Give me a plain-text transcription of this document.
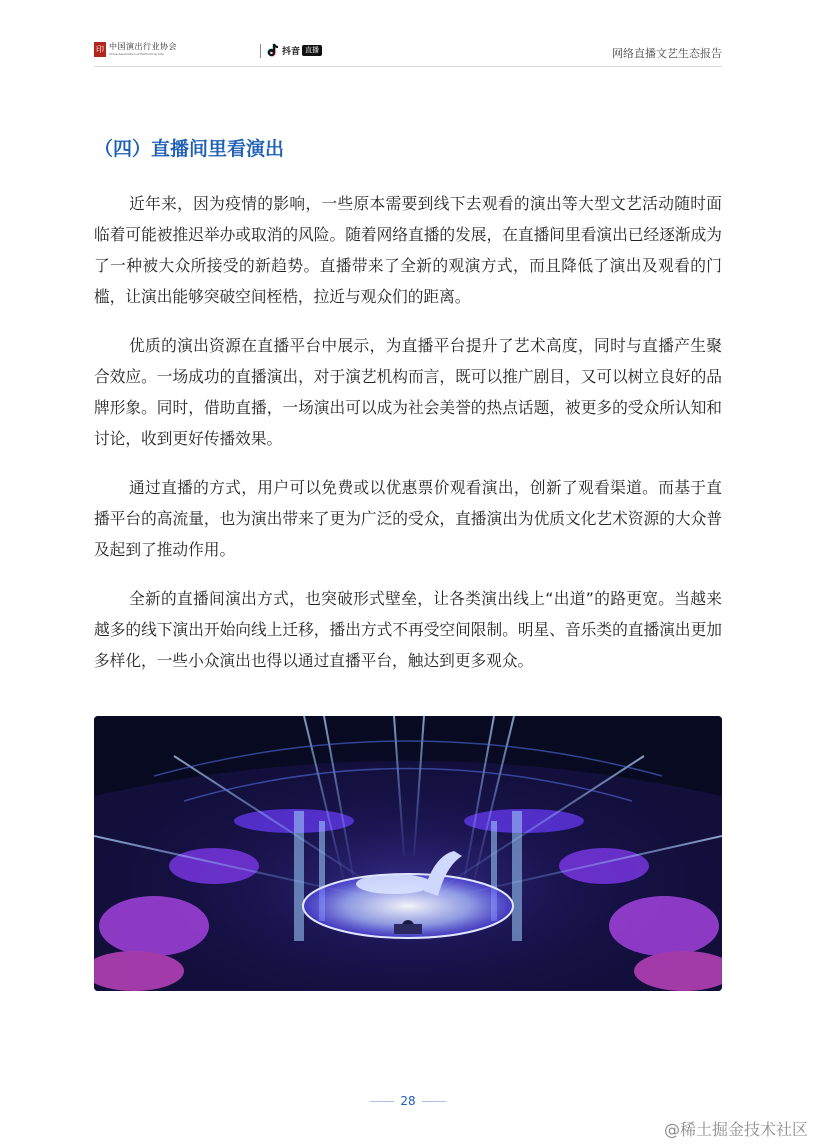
印 中国演出行业协会
China Association of Performing Arts	抖音 直播	网络直播文艺生态报告
（四）直播间里看演出

近年来，因为疫情的影响，一些原本需要到线下去观看的演出等大型文艺活动随时面临着可能被推迟举办或取消的风险。随着网络直播的发展，在直播间里看演出已经逐渐成为了一种被大众所接受的新趋势。直播带来了全新的观演方式，而且降低了演出及观看的门槛，让演出能够突破空间桎梏，拉近与观众们的距离。

优质的演出资源在直播平台中展示，为直播平台提升了艺术高度，同时与直播产生聚合效应。一场成功的直播演出，对于演艺机构而言，既可以推广剧目，又可以树立良好的品牌形象。同时，借助直播，一场演出可以成为社会美誉的热点话题，被更多的受众所认知和讨论，收到更好传播效果。

通过直播的方式，用户可以免费或以优惠票价观看演出，创新了观看渠道。而基于直播平台的高流量，也为演出带来了更为广泛的受众，直播演出为优质文化艺术资源的大众普及起到了推动作用。

全新的直播间演出方式，也突破形式壁垒，让各类演出线上“出道”的路更宽。当越来越多的线下演出开始向线上迁移，播出方式不再受空间限制。明星、音乐类的直播演出更加多样化，一些小众演出也得以通过直播平台，触达到更多观众。

28
@稀土掘金技术社区
